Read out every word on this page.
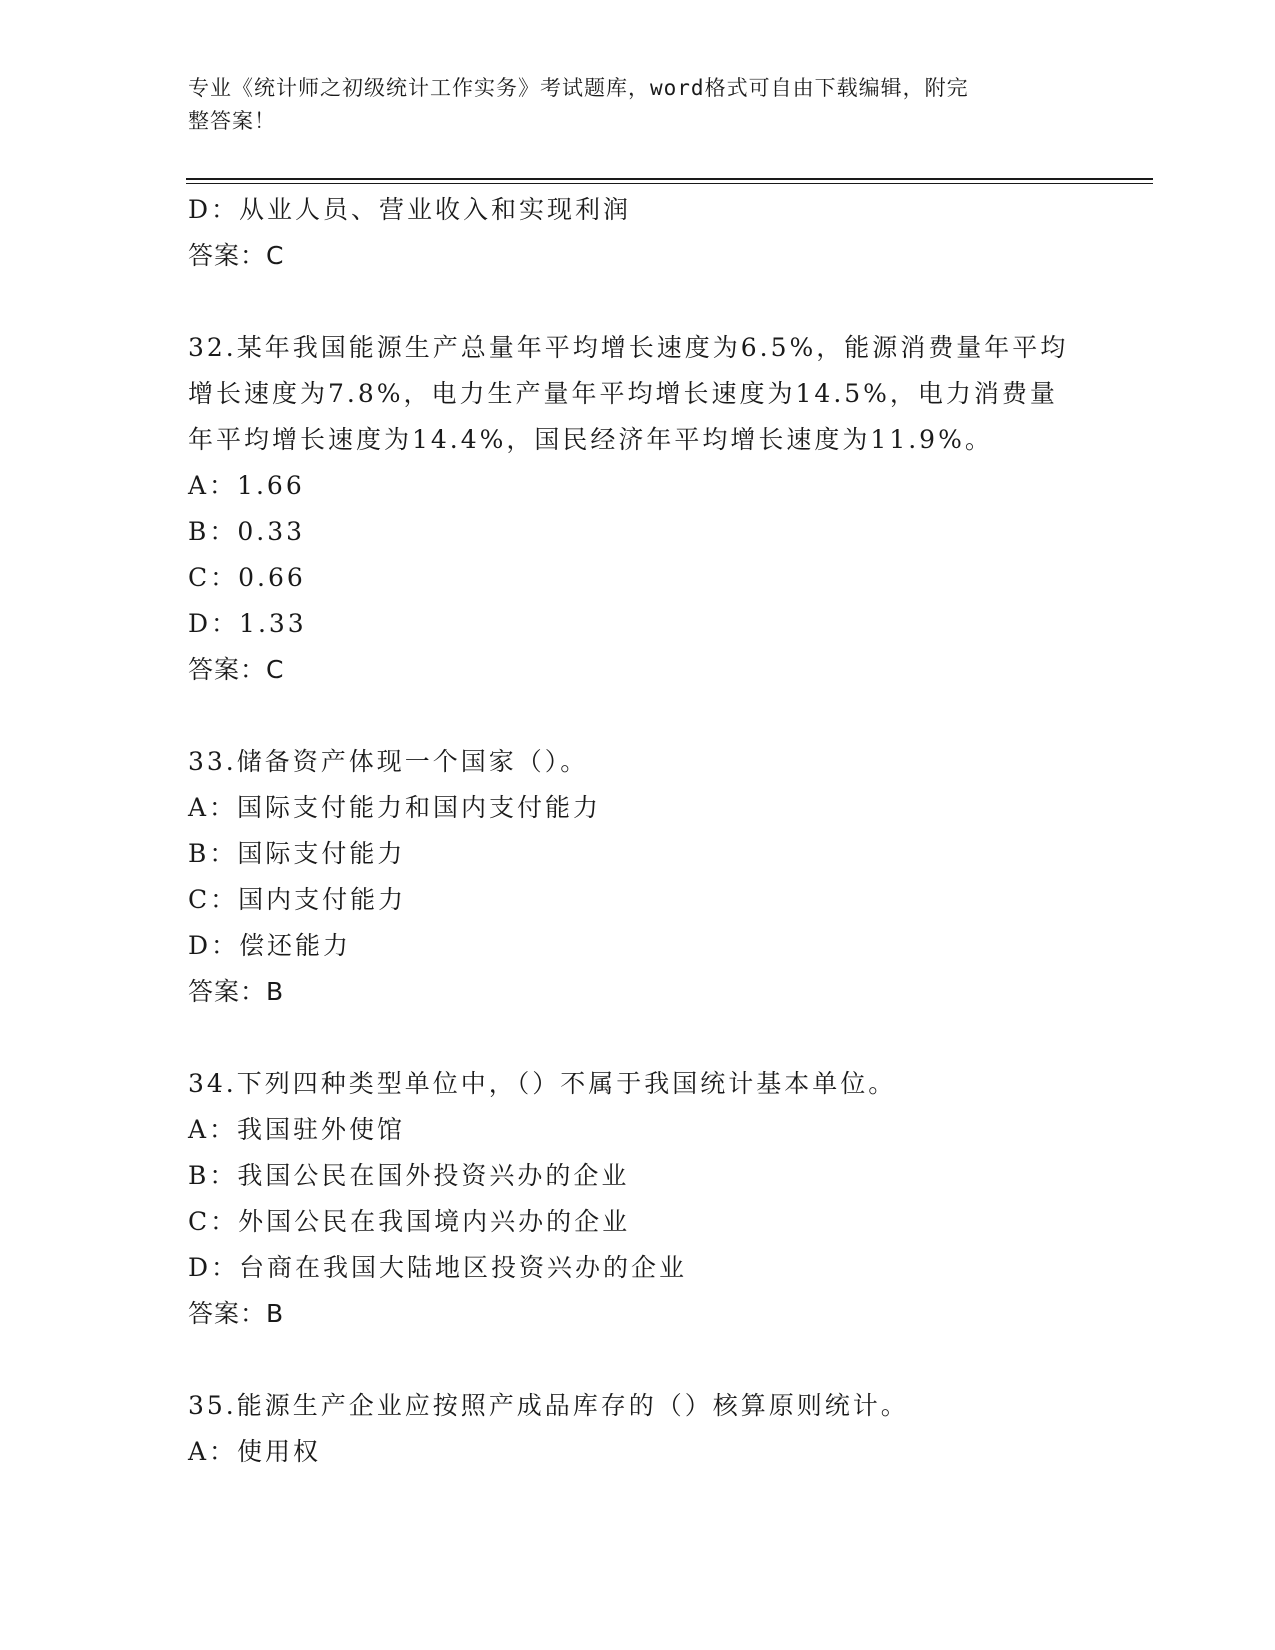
专业《统计师之初级统计工作实务》考试题库，word格式可自由下载编辑，附完
整答案！
D：从业人员、营业收入和实现利润
答案：C
32.某年我国能源生产总量年平均增长速度为6.5%，能源消费量年平均
增长速度为7.8%，电力生产量年平均增长速度为14.5%，电力消费量
年平均增长速度为14.4%，国民经济年平均增长速度为11.9%。
A：1.66
B：0.33
C：0.66
D：1.33
答案：C
33.储备资产体现一个国家（）。
A：国际支付能力和国内支付能力
B：国际支付能力
C：国内支付能力
D：偿还能力
答案：B
34.下列四种类型单位中，（）不属于我国统计基本单位。
A：我国驻外使馆
B：我国公民在国外投资兴办的企业
C：外国公民在我国境内兴办的企业
D：台商在我国大陆地区投资兴办的企业
答案：B
35.能源生产企业应按照产成品库存的（）核算原则统计。
A：使用权
